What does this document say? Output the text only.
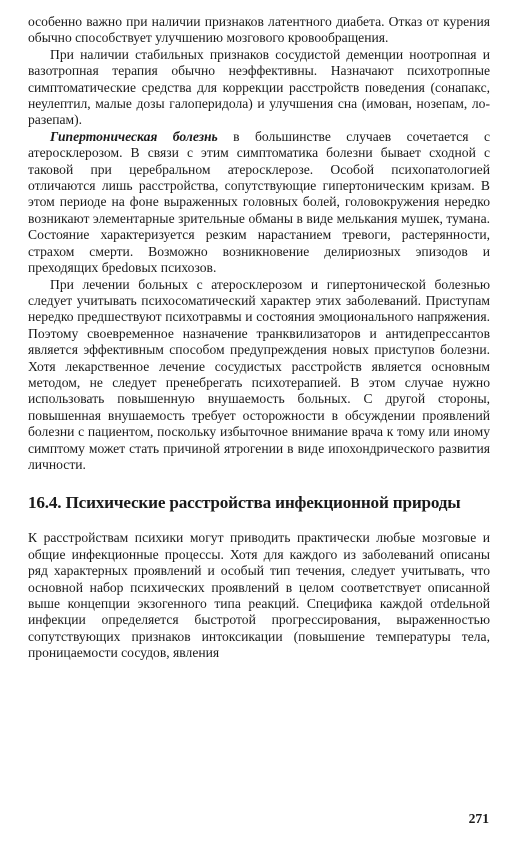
особенно важно при наличии признаков латентного диабета. Отказ от курения обычно способствует улучшению мозгового кровообращения.

При наличии стабильных признаков сосудистой деменции ноотропная и вазотропная терапия обычно неэффективны. Назначают психотропные симптоматические средства для коррекции расстройств поведения (сонапакс, неулептил, малые дозы галоперидола) и улучшения сна (имован, нозепам, лоразепам).

Гипертоническая болезнь в большинстве случаев сочетается с атеросклерозом. В связи с этим симптоматика болезни бывает сходной с таковой при церебральном атеросклерозе. Особой психопатологией отличаются лишь расстройства, сопутствующие гипертоническим кризам. В этом периоде на фоне выраженных головных болей, головокружения нередко возникают элементарные зрительные обманы в виде мелькания мушек, тумана. Состояние характеризуется резким нарастанием тревоги, растерянности, страхом смерти. Возможно возникновение делириозных эпизодов и преходящих бреdовых психозов.

При лечении больных с атеросклерозом и гипертонической болезнью следует учитывать психосоматический характер этих заболеваний. Приступам нередко предшествуют психотравмы и состояния эмоционального напряжения. Поэтому своевременное назначение транквилизаторов и антидепрессантов является эффективным способом предупреждения новых приступов болезни. Хотя лекарственное лечение сосудистых расстройств является основным методом, не следует пренебрегать психотерапией. В этом случае нужно использовать повышенную внушаемость больных. С другой стороны, повышенная внушаемость требует осторожности в обсуждении проявлений болезни с пациентом, поскольку избыточное внимание врача к тому или иному симптому может стать причиной ятрогении в виде ипохондрического развития личности.

16.4. Психические расстройства инфекционной природы

К расстройствам психики могут приводить практически любые мозговые и общие инфекционные процессы. Хотя для каждого из заболеваний описаны ряд характерных проявлений и особый тип течения, следует учитывать, что основной набор психических проявлений в целом соответствует описанной выше концепции экзогенного типа реакций. Специфика каждой отdельной инфекции определяется быстротой прогрессирования, выраженностью сопутствующих признаков интоксикации (повышение температуры тела, проницаемости сосудов, явления

271
